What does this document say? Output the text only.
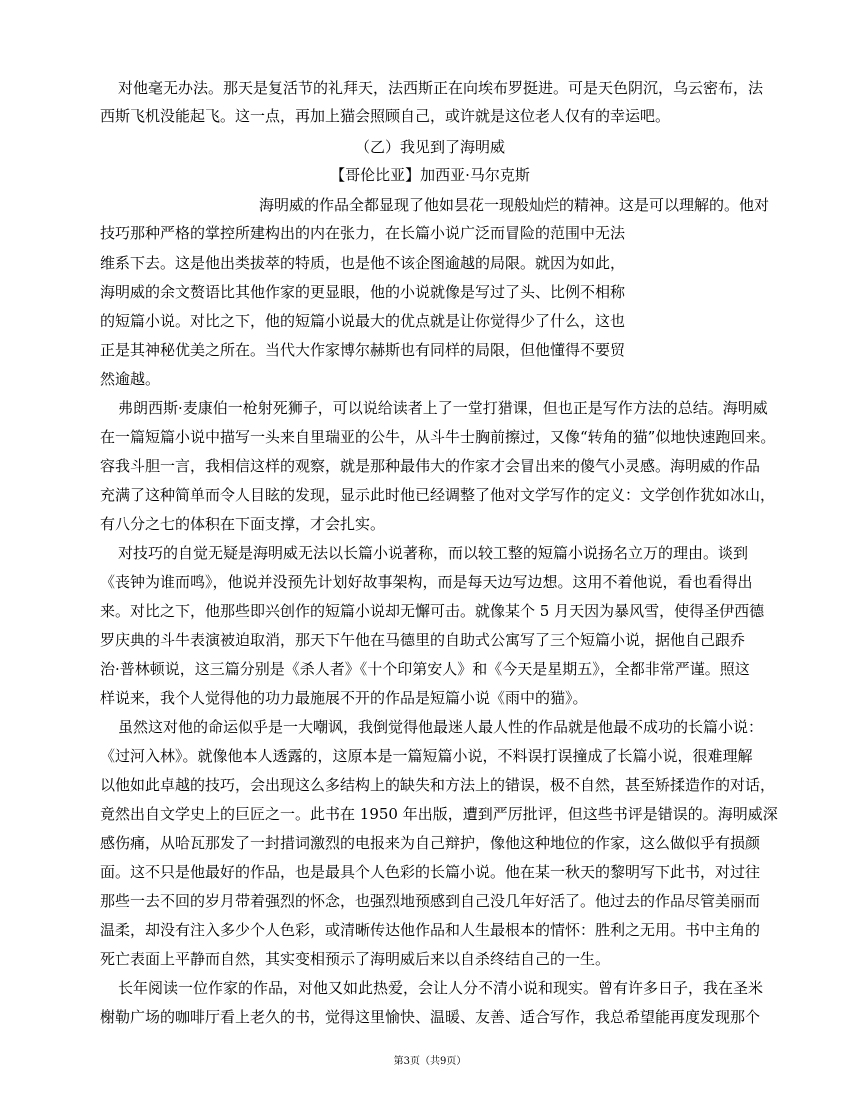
对他毫无办法。那天是复活节的礼拜天，法西斯正在向埃布罗挺进。可是天色阴沉，乌云密布，法
西斯飞机没能起飞。这一点，再加上猫会照顾自己，或许就是这位老人仅有的幸运吧。
（乙）我见到了海明威
【哥伦比亚】加西亚·马尔克斯
海明威的作品全都显现了他如昙花一现般灿烂的精神。这是可以理解的。他对
技巧那种严格的掌控所建构出的内在张力，在长篇小说广泛而冒险的范围中无法
维系下去。这是他出类拔萃的特质，也是他不该企图逾越的局限。就因为如此，
海明威的余文赘语比其他作家的更显眼，他的小说就像是写过了头、比例不相称
的短篇小说。对比之下，他的短篇小说最大的优点就是让你觉得少了什么，这也
正是其神秘优美之所在。当代大作家博尔赫斯也有同样的局限，但他懂得不要贸
然逾越。
弗朗西斯·麦康伯一枪射死狮子，可以说给读者上了一堂打猎课，但也正是写作方法的总结。海明威
在一篇短篇小说中描写一头来自里瑞亚的公牛，从斗牛士胸前擦过，又像“转角的猫”似地快速跑回来。
容我斗胆一言，我相信这样的观察，就是那种最伟大的作家才会冒出来的傻气小灵感。海明威的作品
充满了这种简单而令人目眩的发现，显示此时他已经调整了他对文学写作的定义：文学创作犹如冰山，
有八分之七的体积在下面支撑，才会扎实。
对技巧的自觉无疑是海明威无法以长篇小说著称，而以较工整的短篇小说扬名立万的理由。谈到
《丧钟为谁而鸣》，他说并没预先计划好故事架构，而是每天边写边想。这用不着他说，看也看得出
来。对比之下，他那些即兴创作的短篇小说却无懈可击。就像某个 5 月天因为暴风雪，使得圣伊西德
罗庆典的斗牛表演被迫取消，那天下午他在马德里的自助式公寓写了三个短篇小说，据他自己跟乔
治·普林顿说，这三篇分别是《杀人者》《十个印第安人》和《今天是星期五》，全都非常严谨。照这
样说来，我个人觉得他的功力最施展不开的作品是短篇小说《雨中的猫》。
虽然这对他的命运似乎是一大嘲讽，我倒觉得他最迷人最人性的作品就是他最不成功的长篇小说：
《过河入林》。就像他本人透露的，这原本是一篇短篇小说，不料误打误撞成了长篇小说，很难理解
以他如此卓越的技巧，会出现这么多结构上的缺失和方法上的错误，极不自然，甚至矫揉造作的对话，
竟然出自文学史上的巨匠之一。此书在 1950 年出版，遭到严厉批评，但这些书评是错误的。海明威深
感伤痛，从哈瓦那发了一封措词激烈的电报来为自己辩护，像他这种地位的作家，这么做似乎有损颜
面。这不只是他最好的作品，也是最具个人色彩的长篇小说。他在某一秋天的黎明写下此书，对过往
那些一去不回的岁月带着强烈的怀念，也强烈地预感到自己没几年好活了。他过去的作品尽管美丽而
温柔，却没有注入多少个人色彩，或清晰传达他作品和人生最根本的情怀：胜利之无用。书中主角的
死亡表面上平静而自然，其实变相预示了海明威后来以自杀终结自己的一生。
长年阅读一位作家的作品，对他又如此热爱，会让人分不清小说和现实。曾有许多日子，我在圣米
榭勒广场的咖啡厅看上老久的书，觉得这里愉快、温暖、友善、适合写作，我总希望能再度发现那个
第3页（共9页）
